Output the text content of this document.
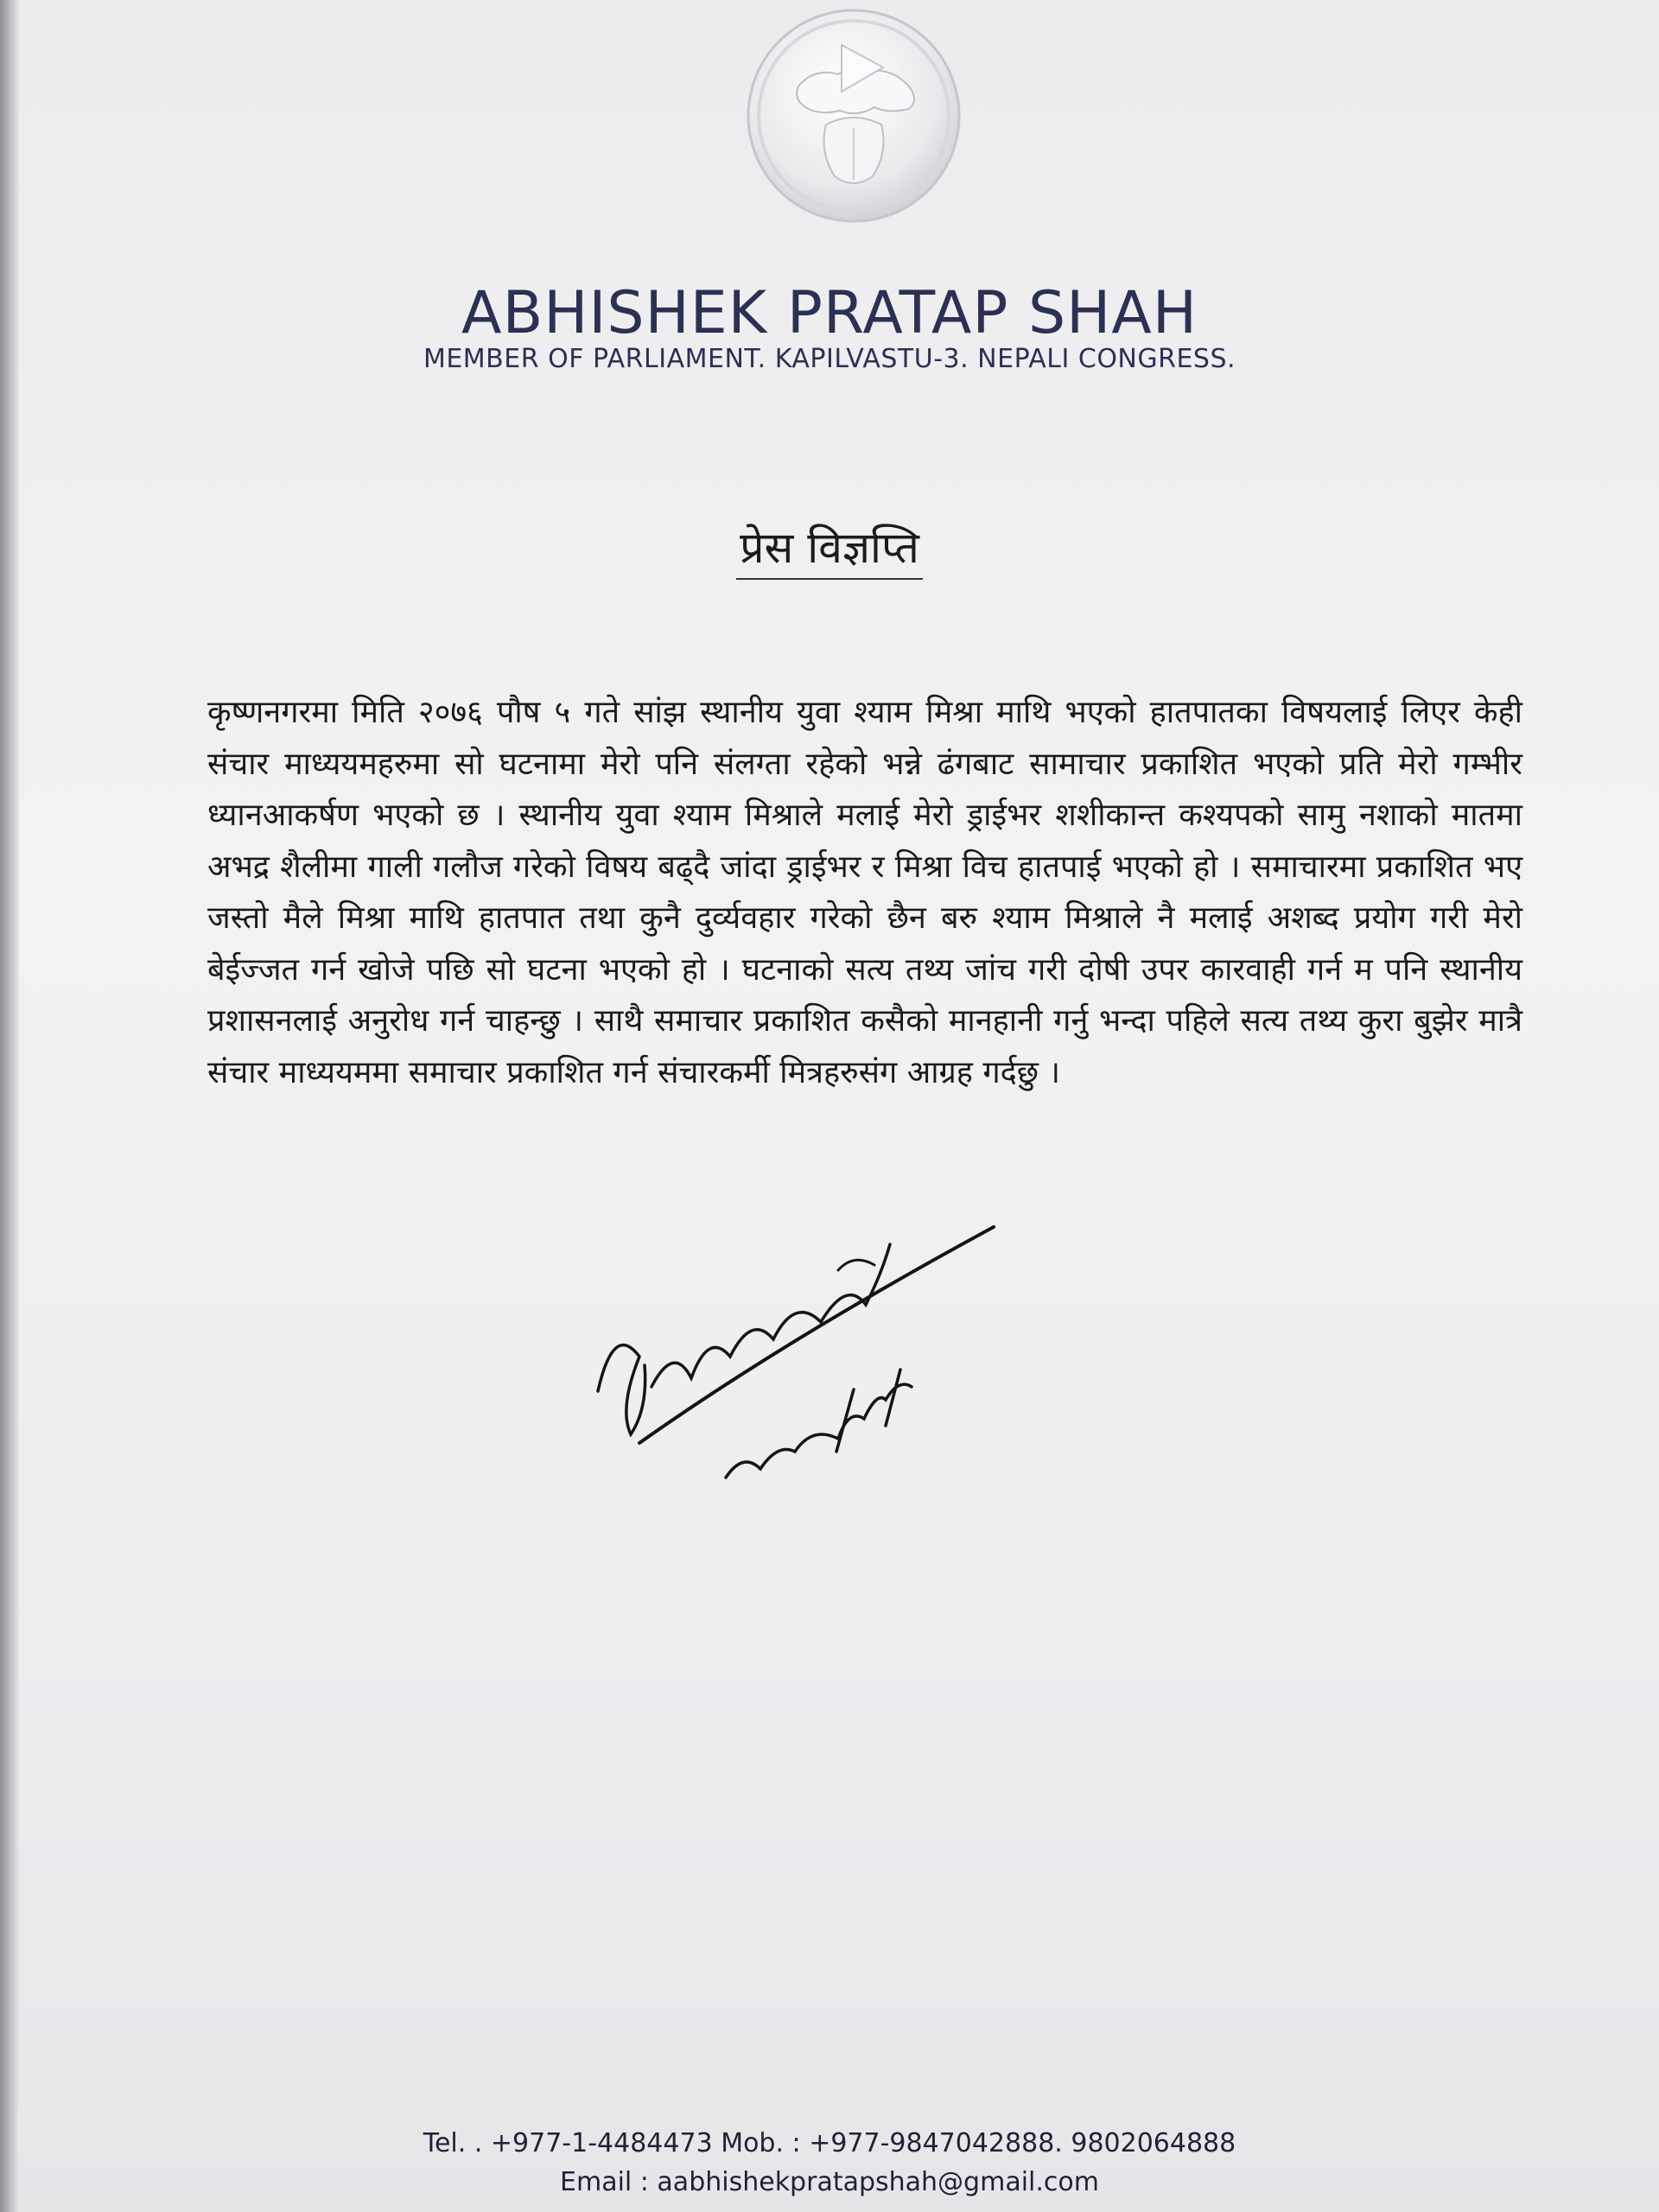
ABHISHEK PRATAP SHAH

MEMBER OF PARLIAMENT. KAPILVASTU-3. NEPALI CONGRESS.

प्रेस विज्ञप्ति

कृष्णनगरमा मिति २०७६ पौष ५ गते सांझ स्थानीय युवा श्याम मिश्रा माथि भएको हातपातका विषयलाई लिएर केही संचार माध्ययमहरुमा सो घटनामा मेरो पनि संलग्ता रहेको भन्ने ढंगबाट सामाचार प्रकाशित भएको प्रति मेरो गम्भीर ध्यानआकर्षण भएको छ । स्थानीय युवा श्याम मिश्राले मलाई मेरो ड्राईभर शशीकान्त कश्यपको सामु नशाको मातमा अभद्र शैलीमा गाली गलौज गरेको विषय बढ्दै जांदा ड्राईभर र मिश्रा विच हातपाई भएको हो । समाचारमा प्रकाशित भए जस्तो मैले मिश्रा माथि हातपात तथा कुनै दुर्व्यवहार गरेको छैन बरु श्याम मिश्राले नै मलाई अशब्द प्रयोग गरी मेरो बेईज्जत गर्न खोजे पछि सो घटना भएको हो । घटनाको सत्य तथ्य जांच गरी दोषी उपर कारवाही गर्न म पनि स्थानीय प्रशासनलाई अनुरोध गर्न चाहन्छु । साथै समाचार प्रकाशित कसैको मानहानी गर्नु भन्दा पहिले सत्य तथ्य कुरा बुझेर मात्रै संचार माध्ययममा समाचार प्रकाशित गर्न संचारकर्मी मित्रहरुसंग आग्रह गर्दछु ।

Tel. . +977-1-4484473 Mob. : +977-9847042888. 9802064888

Email : aabhishekpratapshah@gmail.com
